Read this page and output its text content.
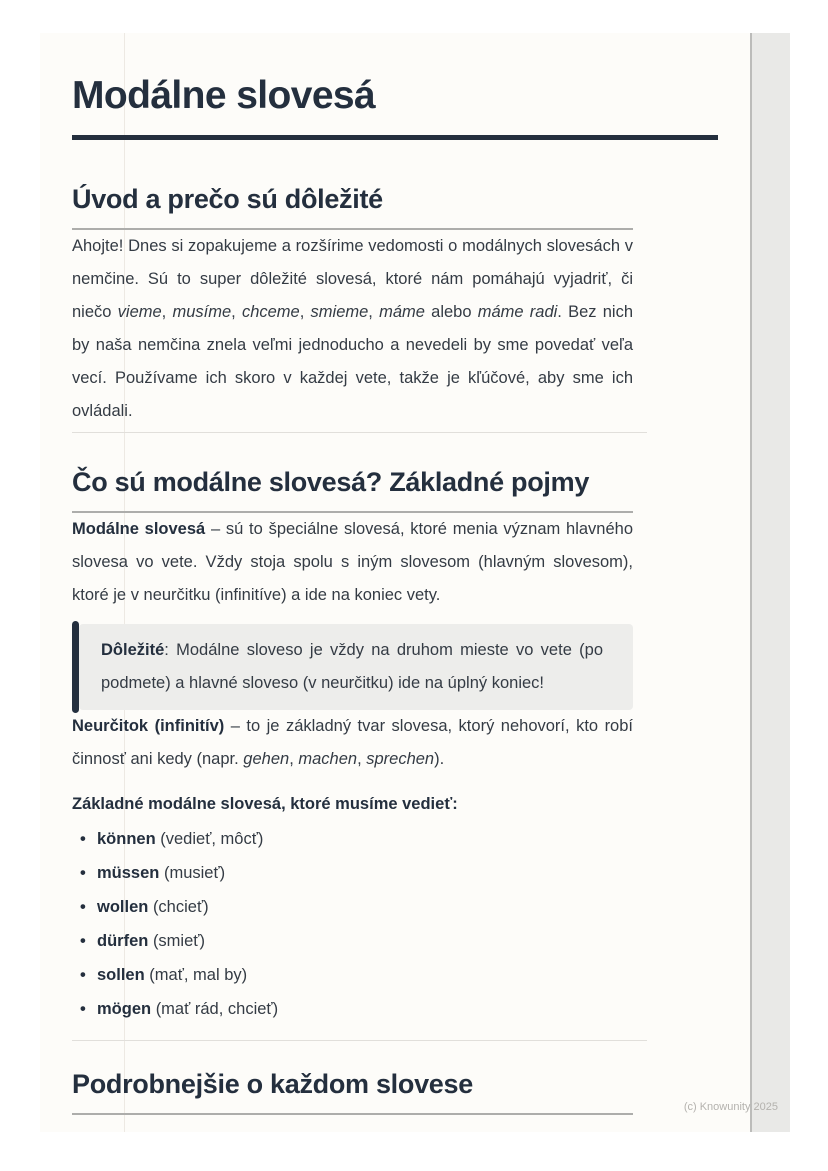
Modálne slovesá
Úvod a prečo sú dôležité

Ahojte! Dnes si zopakujeme a rozšírime vedomosti o modálnych slovesách v nemčine. Sú to super dôležité slovesá, ktoré nám pomáhajú vyjadriť, či niečo vieme, musíme, chceme, smieme, máme alebo máme radi. Bez nich by naša nemčina znela veľmi jednoducho a nevedeli by sme povedať veľa vecí. Používame ich skoro v každej vete, takže je kľúčové, aby sme ich ovládali.

Čo sú modálne slovesá? Základné pojmy

Modálne slovesá – sú to špeciálne slovesá, ktoré menia význam hlavného slovesa vo vete. Vždy stoja spolu s iným slovesom (hlavným slovesom), ktoré je v neurčitku (infinitíve) a ide na koniec vety.

Dôležité: Modálne sloveso je vždy na druhom mieste vo vete (po podmete) a hlavné sloveso (v neurčitku) ide na úplný koniec!

Neurčitok (infinitív) – to je základný tvar slovesa, ktorý nehovorí, kto robí činnosť ani kedy (napr. gehen, machen, sprechen).

Základné modálne slovesá, ktoré musíme vedieť:

• können (vedieť, môcť)
• müssen (musieť)
• wollen (chcieť)
• dürfen (smieť)
• sollen (mať, mal by)
• mögen (mať rád, chcieť)
Podrobnejšie o každom slovese
(c) Knowunity 2025
